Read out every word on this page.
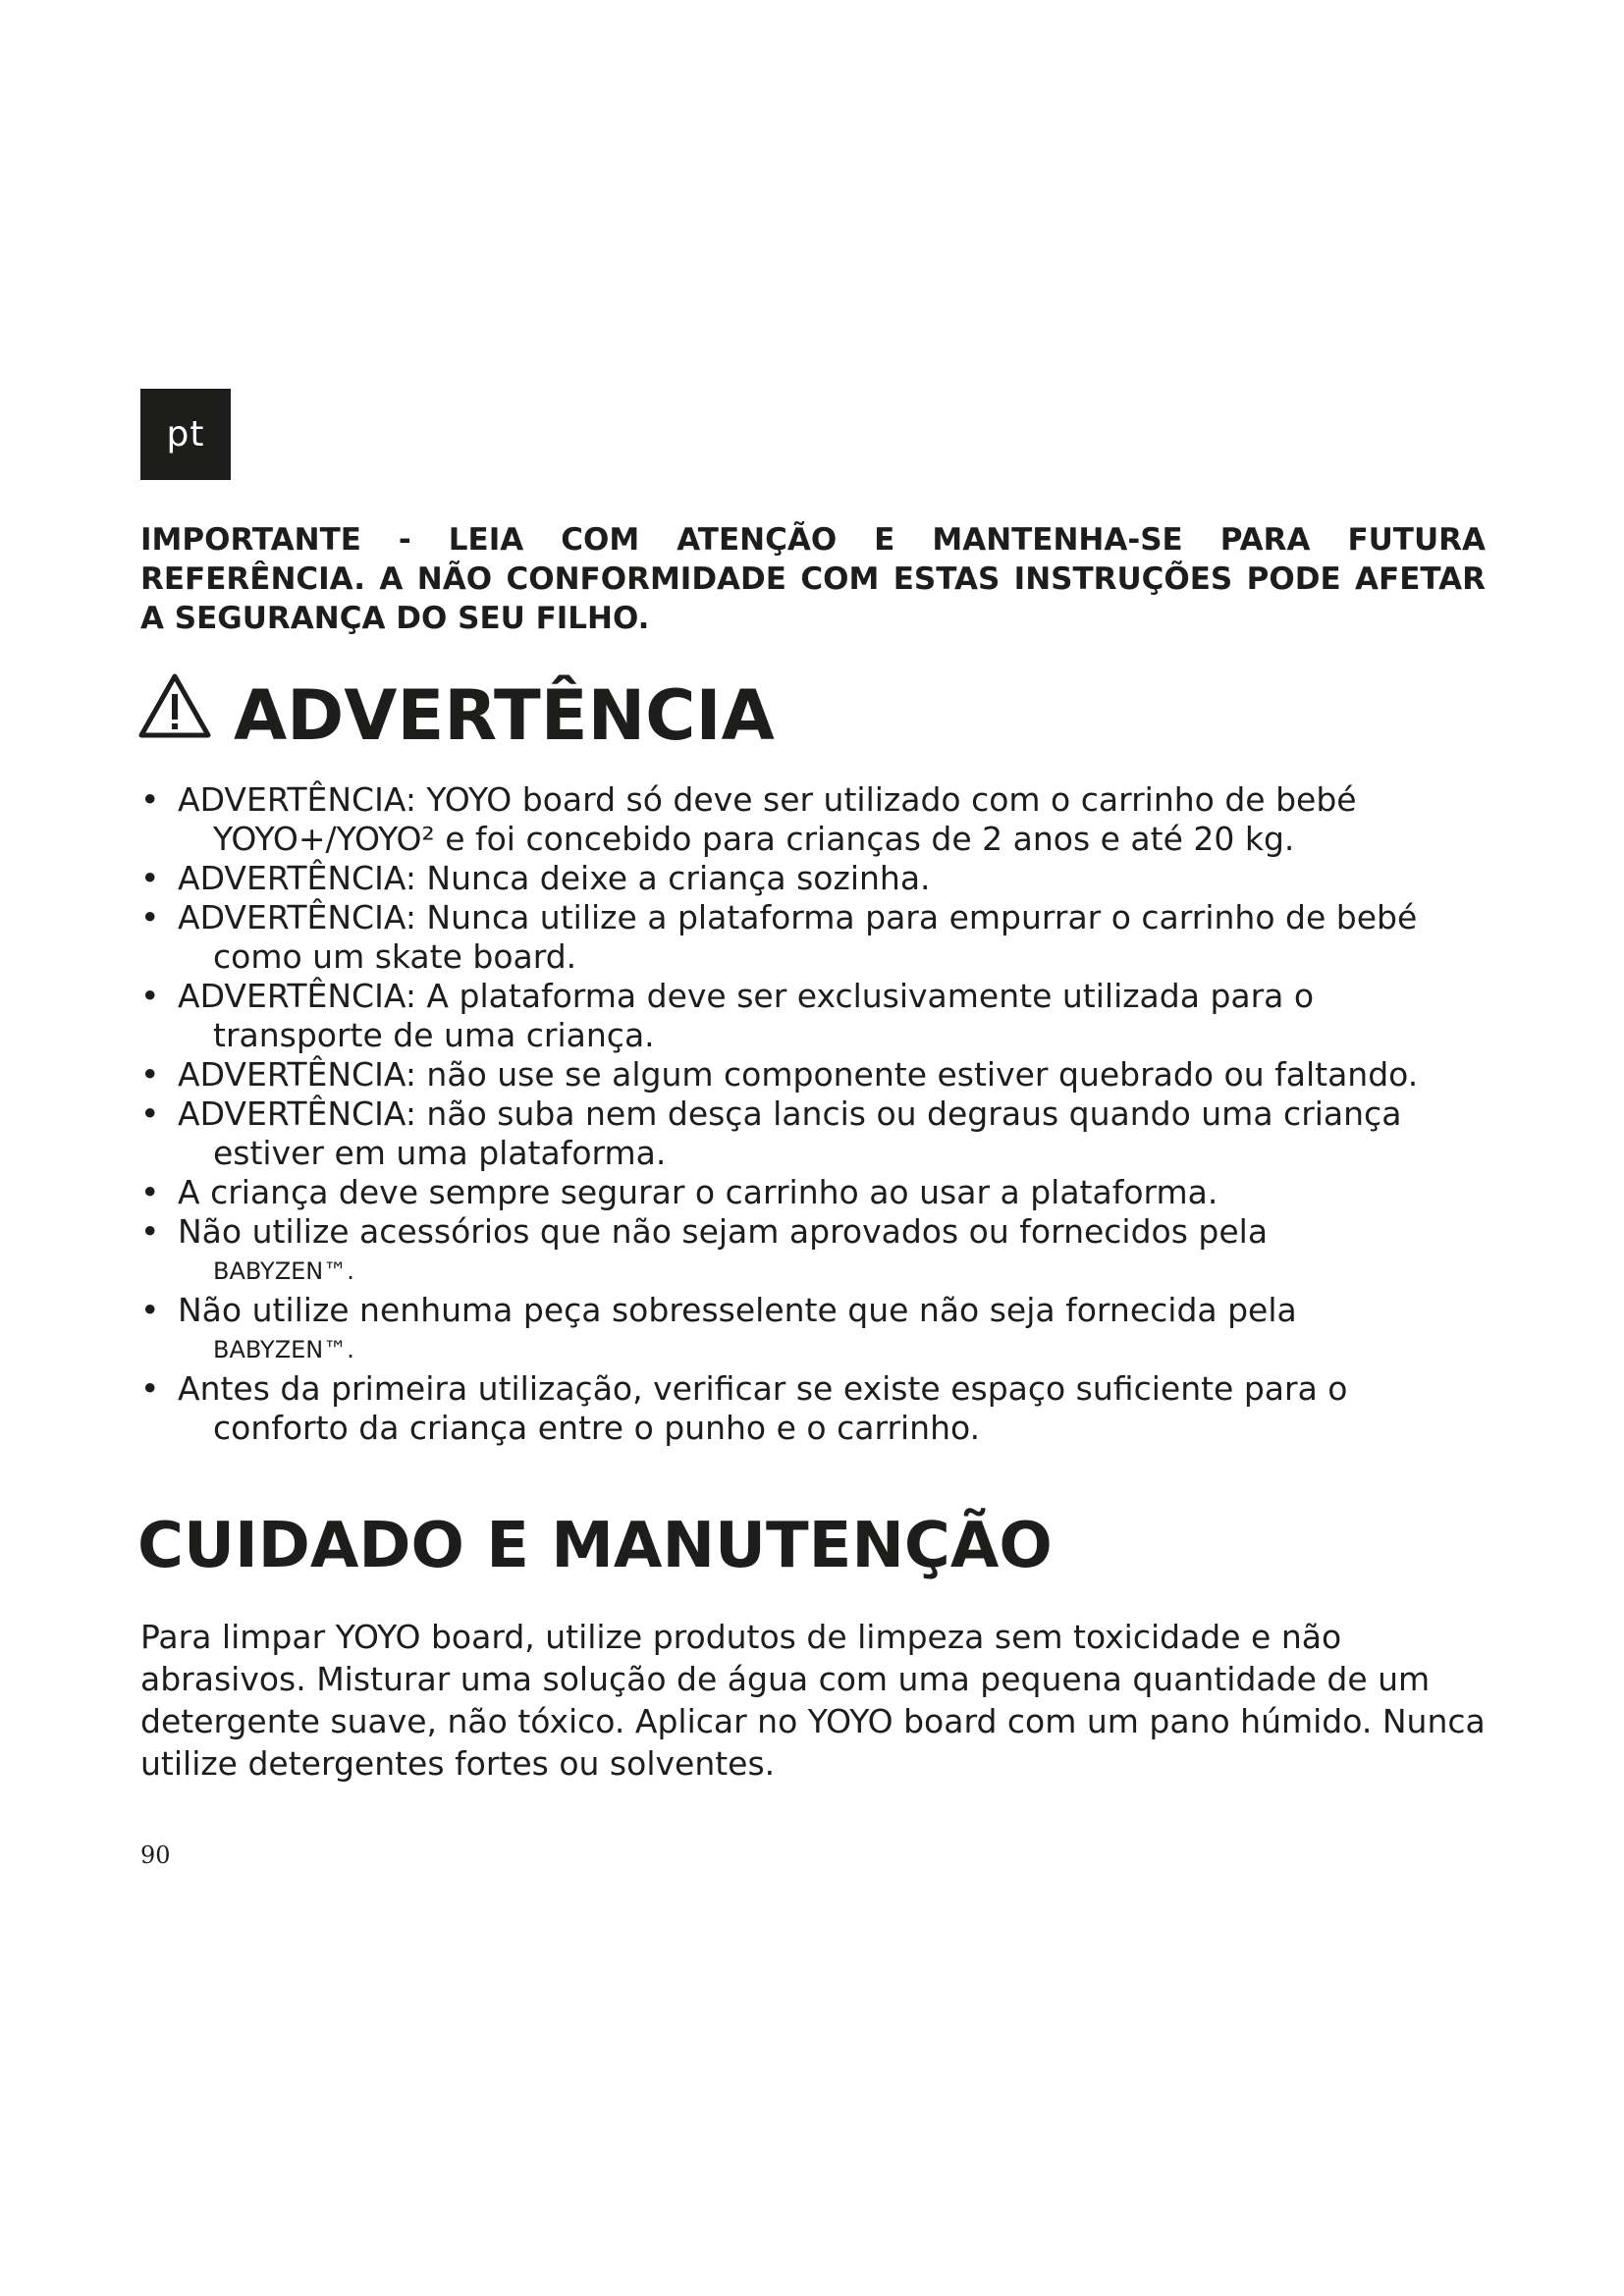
pt

IMPORTANTE - LEIA COM ATENÇÃO E MANTENHA-SE PARA FUTURA REFERÊNCIA. A NÃO CONFORMIDADE COM ESTAS INSTRUÇÕES PODE AFETAR A SEGURANÇA DO SEU FILHO.

ADVERTÊNCIA
• ADVERTÊNCIA: YOYO board só deve ser utilizado com o carrinho de bebé
YOYO+/YOYO² e foi concebido para crianças de 2 anos e até 20 kg.
• ADVERTÊNCIA: Nunca deixe a criança sozinha.
• ADVERTÊNCIA: Nunca utilize a plataforma para empurrar o carrinho de bebé
como um skate board.
• ADVERTÊNCIA: A plataforma deve ser exclusivamente utilizada para o
transporte de uma criança.
• ADVERTÊNCIA: não use se algum componente estiver quebrado ou faltando.
• ADVERTÊNCIA: não suba nem desça lancis ou degraus quando uma criança
estiver em uma plataforma.
• A criança deve sempre segurar o carrinho ao usar a plataforma.
• Não utilize acessórios que não sejam aprovados ou fornecidos pela
BABYZEN™.
• Não utilize nenhuma peça sobresselente que não seja fornecida pela
BABYZEN™.
• Antes da primeira utilização, verificar se existe espaço suficiente para o
conforto da criança entre o punho e o carrinho.
CUIDADO E MANUTENÇÃO

Para limpar YOYO board, utilize produtos de limpeza sem toxicidade e não abrasivos. Misturar uma solução de água com uma pequena quantidade de um detergente suave, não tóxico. Aplicar no YOYO board com um pano húmido. Nunca utilize detergentes fortes ou solventes.

90
